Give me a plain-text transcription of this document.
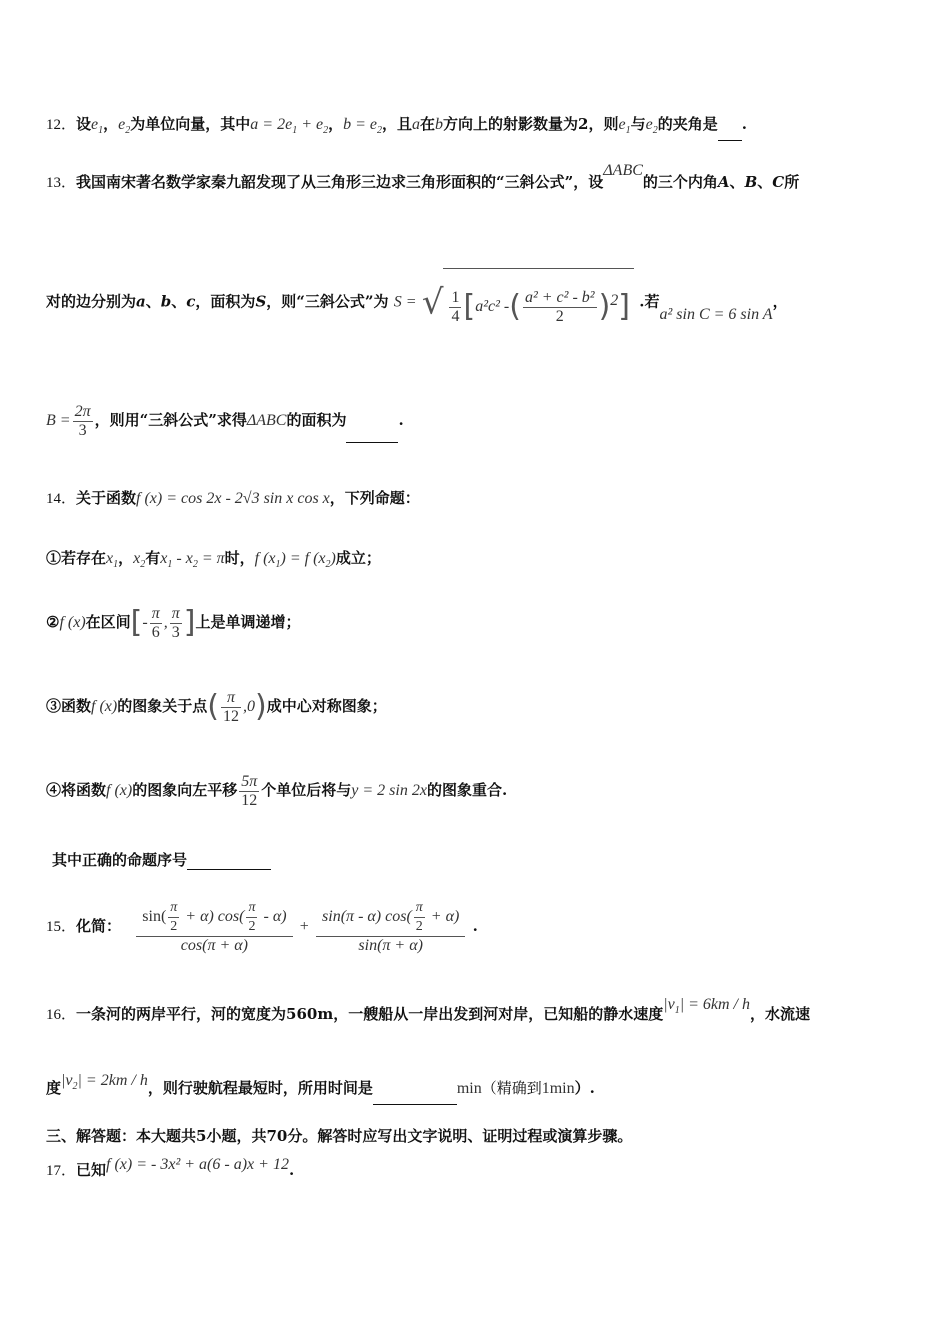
12．设$e_1$，$e_2$为单位向量，其中$a = 2e_1 + e_2$，$b = e_2$，且a在b方向上的射影数量为2，则$e_1$与$e_2$的夹角是 .
13．我国南宋著名数学家秦九韶发现了从三角形三边求三角形面积的“三斜公式”，设ΔABC的三个内角A、B、C所
对的边分别为a、b、c，面积为S，则“三斜公式”为 S = √ $\frac{1}{4} [a^2c^2$ -( $\frac{\text{a² + c² - b²}}{2} )^2$] .若a² sin C = 6 sin A，
$B = \frac{2\pi}{3}$ ，则用“三斜公式”求得ΔABC的面积为	.
14．关于函数f (x) = cos 2x - 2√3 sin x cos x，下列命题：
①若存在$x_1$，$x_2$有$x_1 - x_2 = \pi$时，f $(x_1) = f$ $(x_2)$成立；
②f (x)在区间[- $\frac{\pi}{6}$ , $\frac{\pi}{3}$ ]上是单调递增；
③函数f (x)的图象关于点( $\frac{\pi}{12} ,0$)成中心对称图象；
④将函数f (x)的图象向左平移 $\frac{5\pi}{12}$ 个单位后将与y = 2 sin 2x的图象重合.
其中正确的命题序号
15．化简： $\frac{\sin( \frac{\pi}{2} + \alpha) \cos( \frac{\pi}{2} - \alpha)}{\cos(\pi + \alpha)} + \frac{\sin(\pi - \alpha) \cos( \frac{\pi}{2} + \alpha)}{\sin(\pi + \alpha)}$ .
16．一条河的两岸平行，河的宽度为560m，一艘船从一岸出发到河对岸，已知船的静水速度$|v_1| = 6km / h$，水流速
度$|v_2| = 2km / h$，则行驶航程最短时，所用时间是	min（精确到1min）.
三、解答题：本大题共5小题，共70分。解答时应写出文字说明、证明过程或演算步骤。
17．已知f (x) = - 3x² + a(6 - a)x + 12.
